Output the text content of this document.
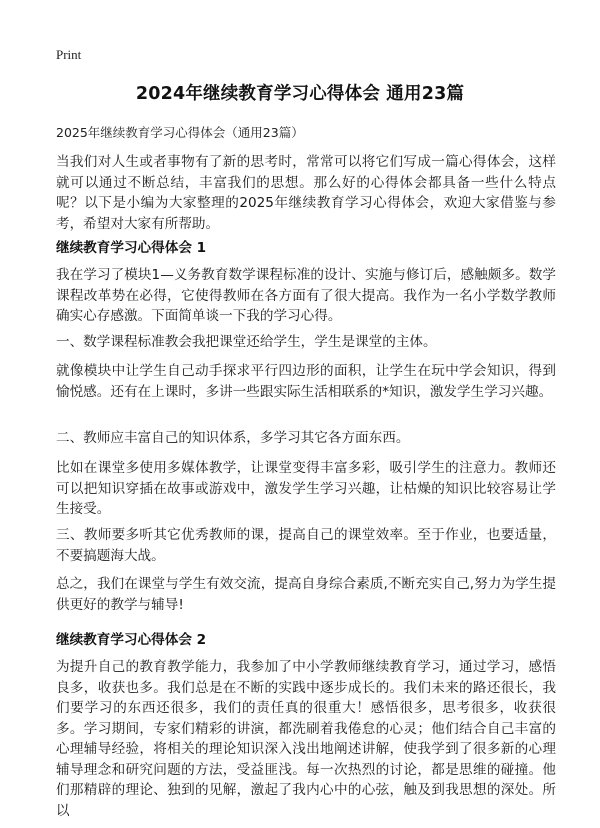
Print
2024年继续教育学习心得体会 通用23篇
2025年继续教育学习心得体会（通用23篇）

当我们对人生或者事物有了新的思考时，常常可以将它们写成一篇心得体会，这样就可以通过不断总结，丰富我们的思想。那么好的心得体会都具备一些什么特点呢？以下是小编为大家整理的2025年继续教育学习心得体会，欢迎大家借鉴与参考，希望对大家有所帮助。

继续教育学习心得体会 1

我在学习了模块1—义务教育数学课程标准的设计、实施与修订后，感触颇多。数学课程改革势在必得，它使得教师在各方面有了很大提高。我作为一名小学数学教师确实心存感激。下面简单谈一下我的学习心得。

一、数学课程标准教会我把课堂还给学生，学生是课堂的主体。

就像模块中让学生自己动手探求平行四边形的面积，让学生在玩中学会知识，得到愉悦感。还有在上课时，多讲一些跟实际生活相联系的*知识，激发学生学习兴趣。

二、教师应丰富自己的知识体系，多学习其它各方面东西。

比如在课堂多使用多媒体教学，让课堂变得丰富多彩，吸引学生的注意力。教师还可以把知识穿插在故事或游戏中，激发学生学习兴趣，让枯燥的知识比较容易让学生接受。

三、教师要多听其它优秀教师的课，提高自己的课堂效率。至于作业，也要适量，不要搞题海大战。

总之，我们在课堂与学生有效交流，提高自身综合素质,不断充实自己,努力为学生提供更好的教学与辅导!

继续教育学习心得体会 2

为提升自己的教育教学能力，我参加了中小学教师继续教育学习，通过学习，感悟良多，收获也多。我们总是在不断的实践中逐步成长的。我们未来的路还很长，我们要学习的东西还很多，我们的责任真的很重大！感悟很多，思考很多，收获很多。学习期间，专家们精彩的讲演，都洗刷着我倦怠的心灵；他们结合自己丰富的心理辅导经验，将相关的理论知识深入浅出地阐述讲解，使我学到了很多新的心理辅导理念和研究问题的方法，受益匪浅。每一次热烈的讨论，都是思维的碰撞。他们那精辟的理论、独到的见解，激起了我内心中的心弦，触及到我思想的深处。所以
